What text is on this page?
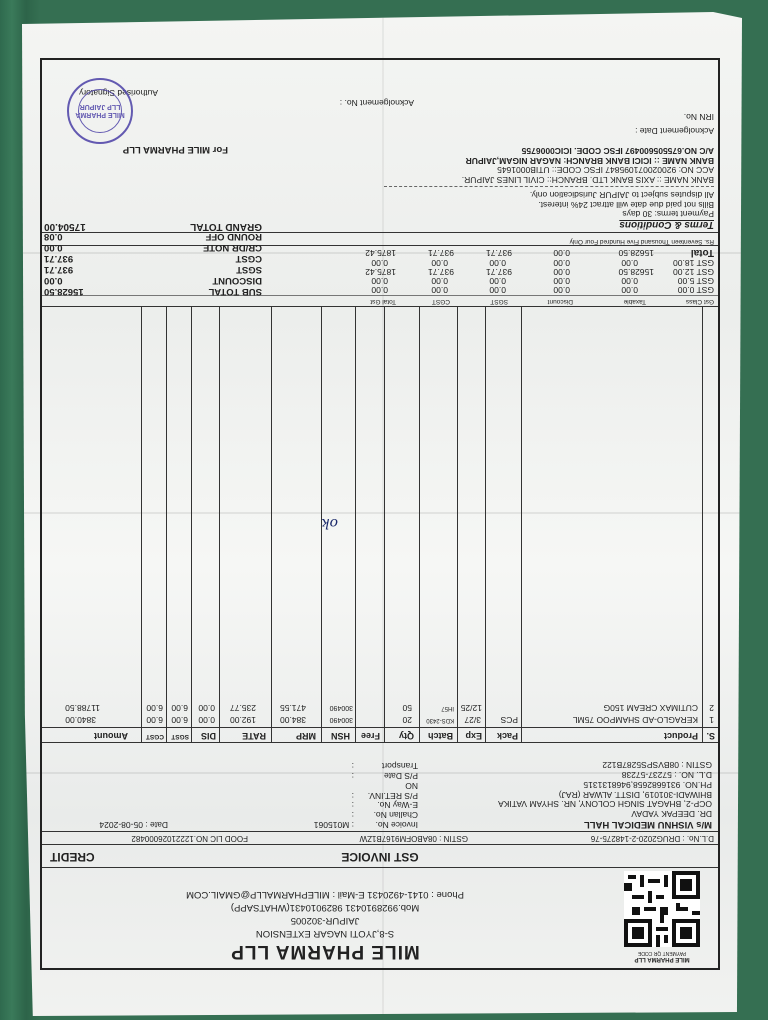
MILE PHARMA LLP
PAYMENT QR CODE
MILE PHARMA LLP
S-8,JYOTI NAGAR EXTENSION
JAIPUR-302005
Mob.9928910431 9829010431(WHATSAPP)
Phone : 0141-4920431 E-Mail : MILEPHARMALLP@GMAIL.COM
GST INVOICE
CREDIT
D.L.No. : DRUG2020-2-148275-76
GSTIN : 08ABOFM9167B1ZW
FOOD LIC NO.12221026000482
M/s VISHNU MEDICAL HALL
DR. DEEPAK YADAV
OCP-2, BHAGAT SINGH COLONY, NR. SHYAM VATIKA
BHIWADI-301019, DISTT. ALWAR (RAJ)
PH.NO. 9316682658,9468131315
D.L. NO. : 57237-57238
GSTIN : 08BVSPS5287B122
Invoice No.
: M015061
Challan No.
:
E-Way No.
:
P/S RET.INV. NO
:
P/S Date
:
Transport
:
Date : 05-08-2024
S.
Product
Pack
Exp
Batch
Qty
Free
HSN
MRP
RATE
DIS
SGST
CGST
Amount
1
KERAGLO-AD SHAMPOO 75ML
PCS
3/27
KDS-2430
20
300490
384.00
192.00
0.00
6.00
6.00
3840.00
2
CUTIMAX CREAM 150G
12/25
IH57
50
300490
471.55
235.77
0.00
6.00
6.00
11788.50
ok
Gst Class
Taxable
Discount
SGST
CGST
Total Gst
GST 0.00
0.00
0.00
0.00
0.00
0.00
GST 5.00
0.00
0.00
0.00
0.00
0.00
GST 12.00
15628.50
0.00
937.71
937.71
1875.42
GST 18.00
0.00
0.00
0.00
0.00
0.00
Total
15628.50
0.00
937.71
937.71
1875.42
SUB TOTAL
15628.50
DISCOUNT
0.00
SGST
937.71
CGST
937.71
CR/DR NOTE
0.00
ROUND OFF
0.08	Rs. Seventeen Thousand Five Hundred Four Only
Terms & Conditions
Payment terms: 30 days
Bills not paid due date will attract 24% interest.
All disputes subject to JAIPUR Jurisdication only.
BANK NAME :: AXIS BANK LTD. BRANCH:: CIVIL LINES JAIPUR.
ACC NO: 920020071095847 IFSC CODE:: UTIB0001645
BANK NAME :: ICICI BANK BRANCH: NAGAR NIGAM,JAIPUR
A/C NO.675505600497 IFSC CODE. ICIC0006755
Acknolgement Date :
IRN No.
Acknolgement No. :
GRAND TOTAL
17504.00
For MILE PHARMA LLP
Authorised Signatory
MILE PHARMA LLP JAIPUR
